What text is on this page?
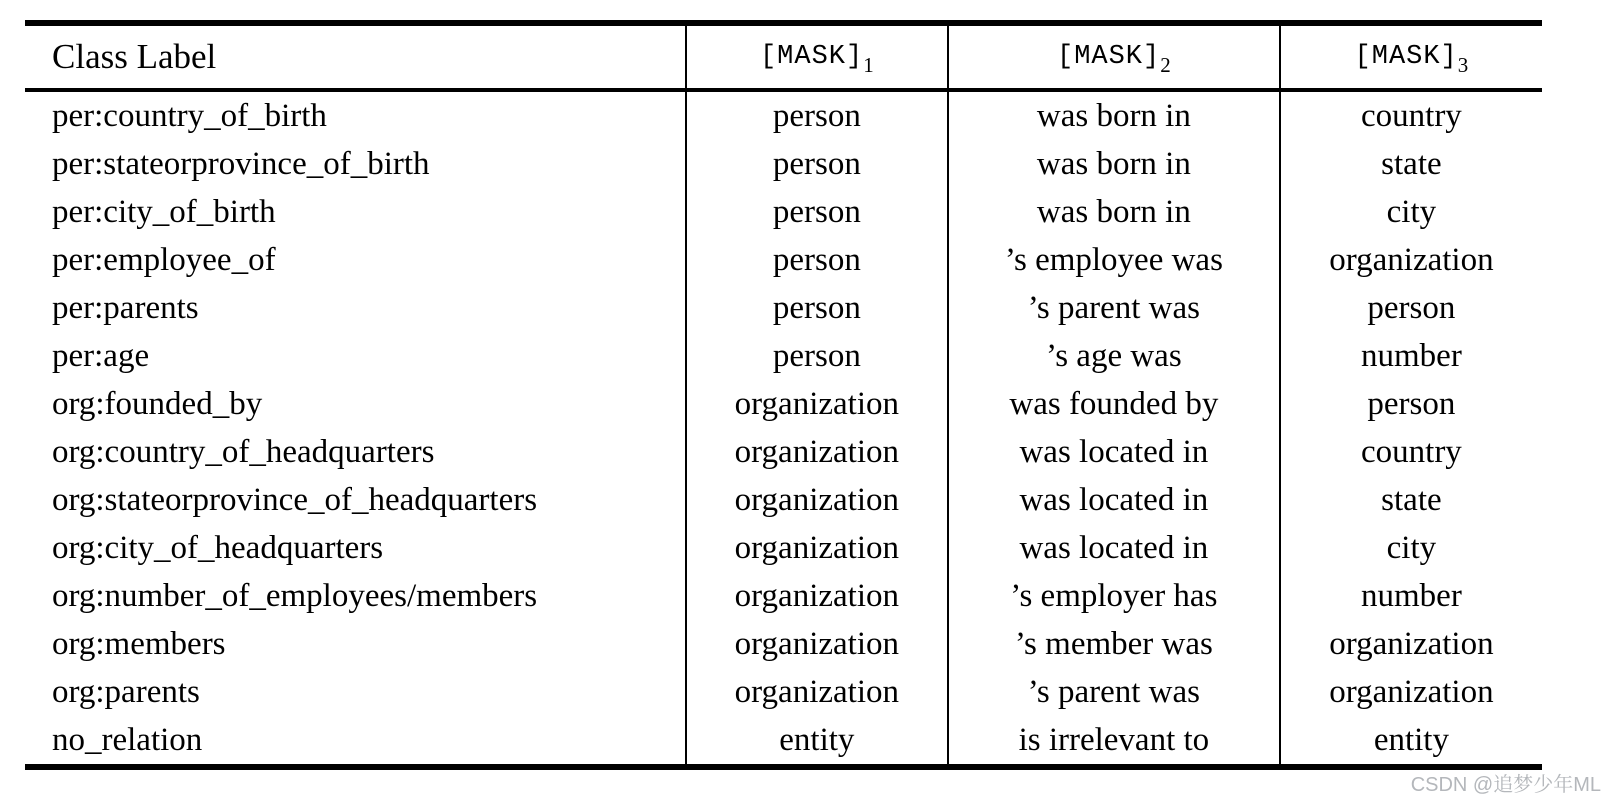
Class Label	$[MASK]_1$	$[MASK]_2$	$[MASK]_3$
per:country_of_birth	person	was born in	country
per:stateorprovince_of_birth	person	was born in	state
per:city_of_birth	person	was born in	city
per:employee_of	person	’s employee was	organization
per:parents	person	’s parent was	person
per:age	person	’s age was	number
org:founded_by	organization	was founded by	person
org:country_of_headquarters	organization	was located in	country
org:stateorprovince_of_headquarters	organization	was located in	state
org:city_of_headquarters	organization	was located in	city
org:number_of_employees/members	organization	’s employer has	number
org:members	organization	’s member was	organization
org:parents	organization	’s parent was	organization
no_relation	entity	is irrelevant to	entity
CSDN @追梦少年ML
